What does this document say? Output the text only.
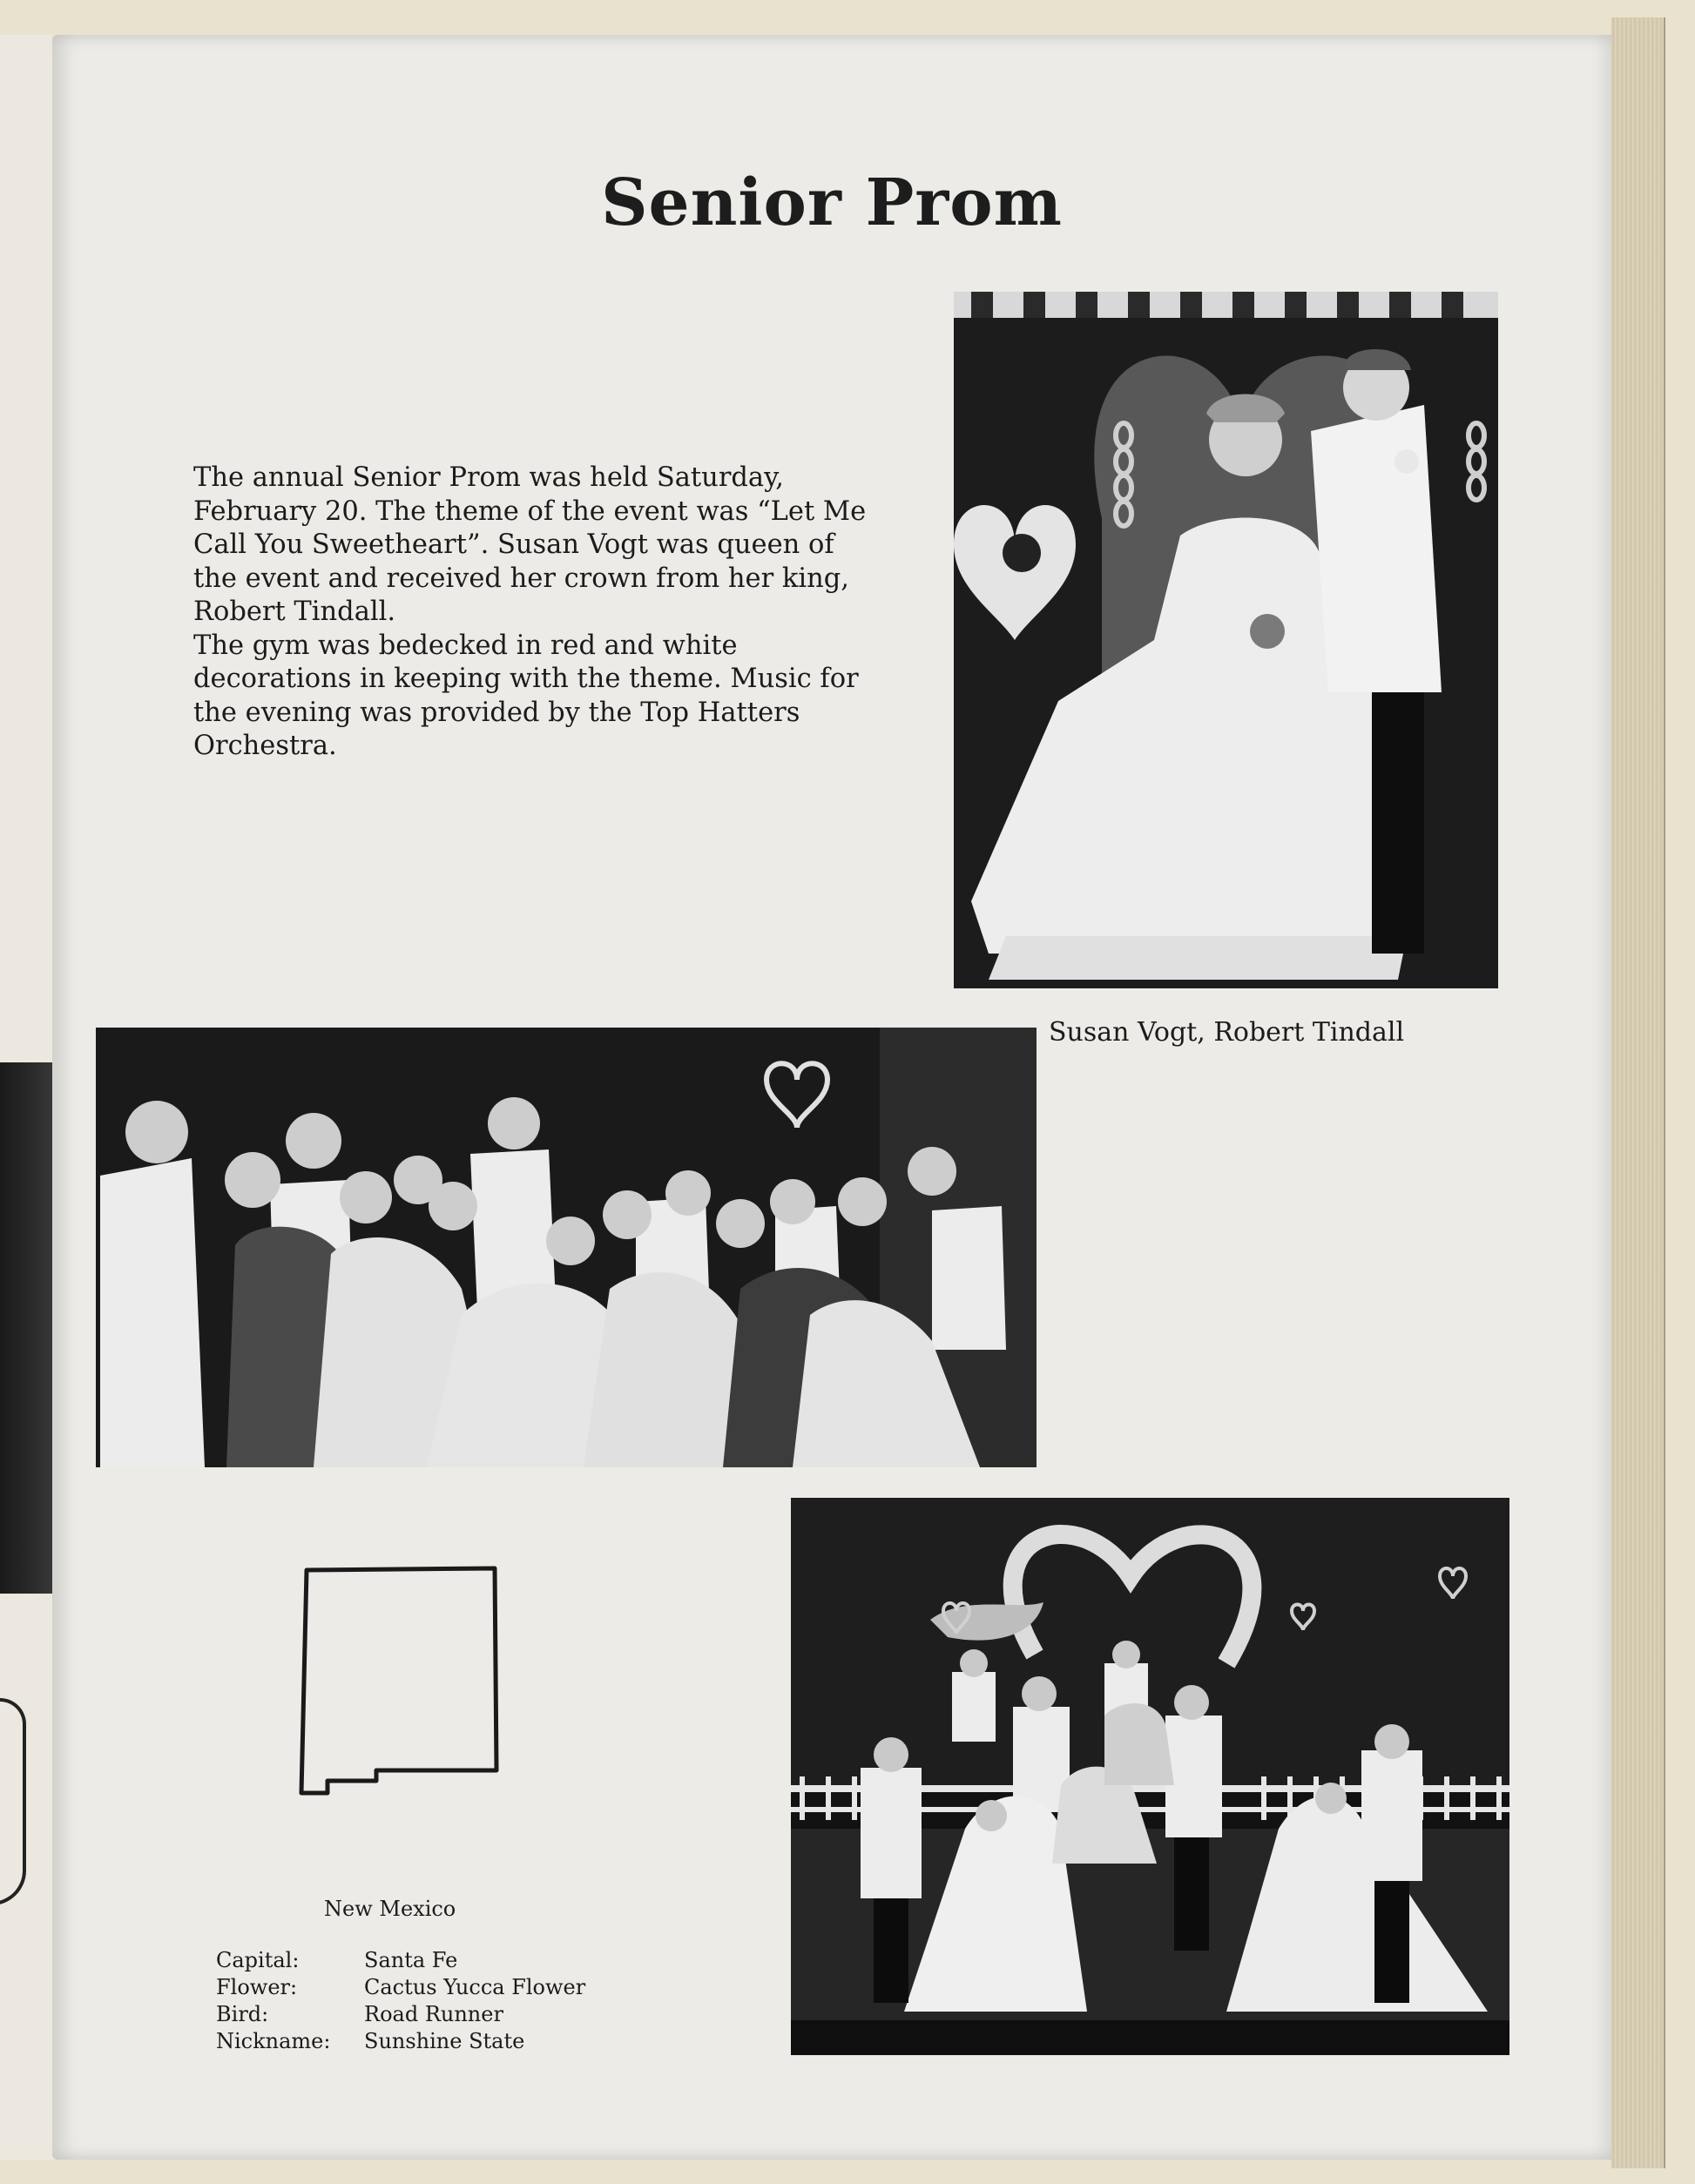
Senior Prom

The annual Senior Prom was held Saturday, February 20. The theme of the event was “Let Me Call You Sweetheart”. Susan Vogt was queen of the event and received her crown from her king, Robert Tindall.

The gym was bedecked in red and white decorations in keeping with the theme. Music for the evening was provided by the Top Hatters Orchestra.

Susan Vogt, Robert Tindall
New Mexico
Capital:	Santa Fe
Flower:	Cactus Yucca Flower
Bird:	Road Runner
Nickname:	Sunshine State
